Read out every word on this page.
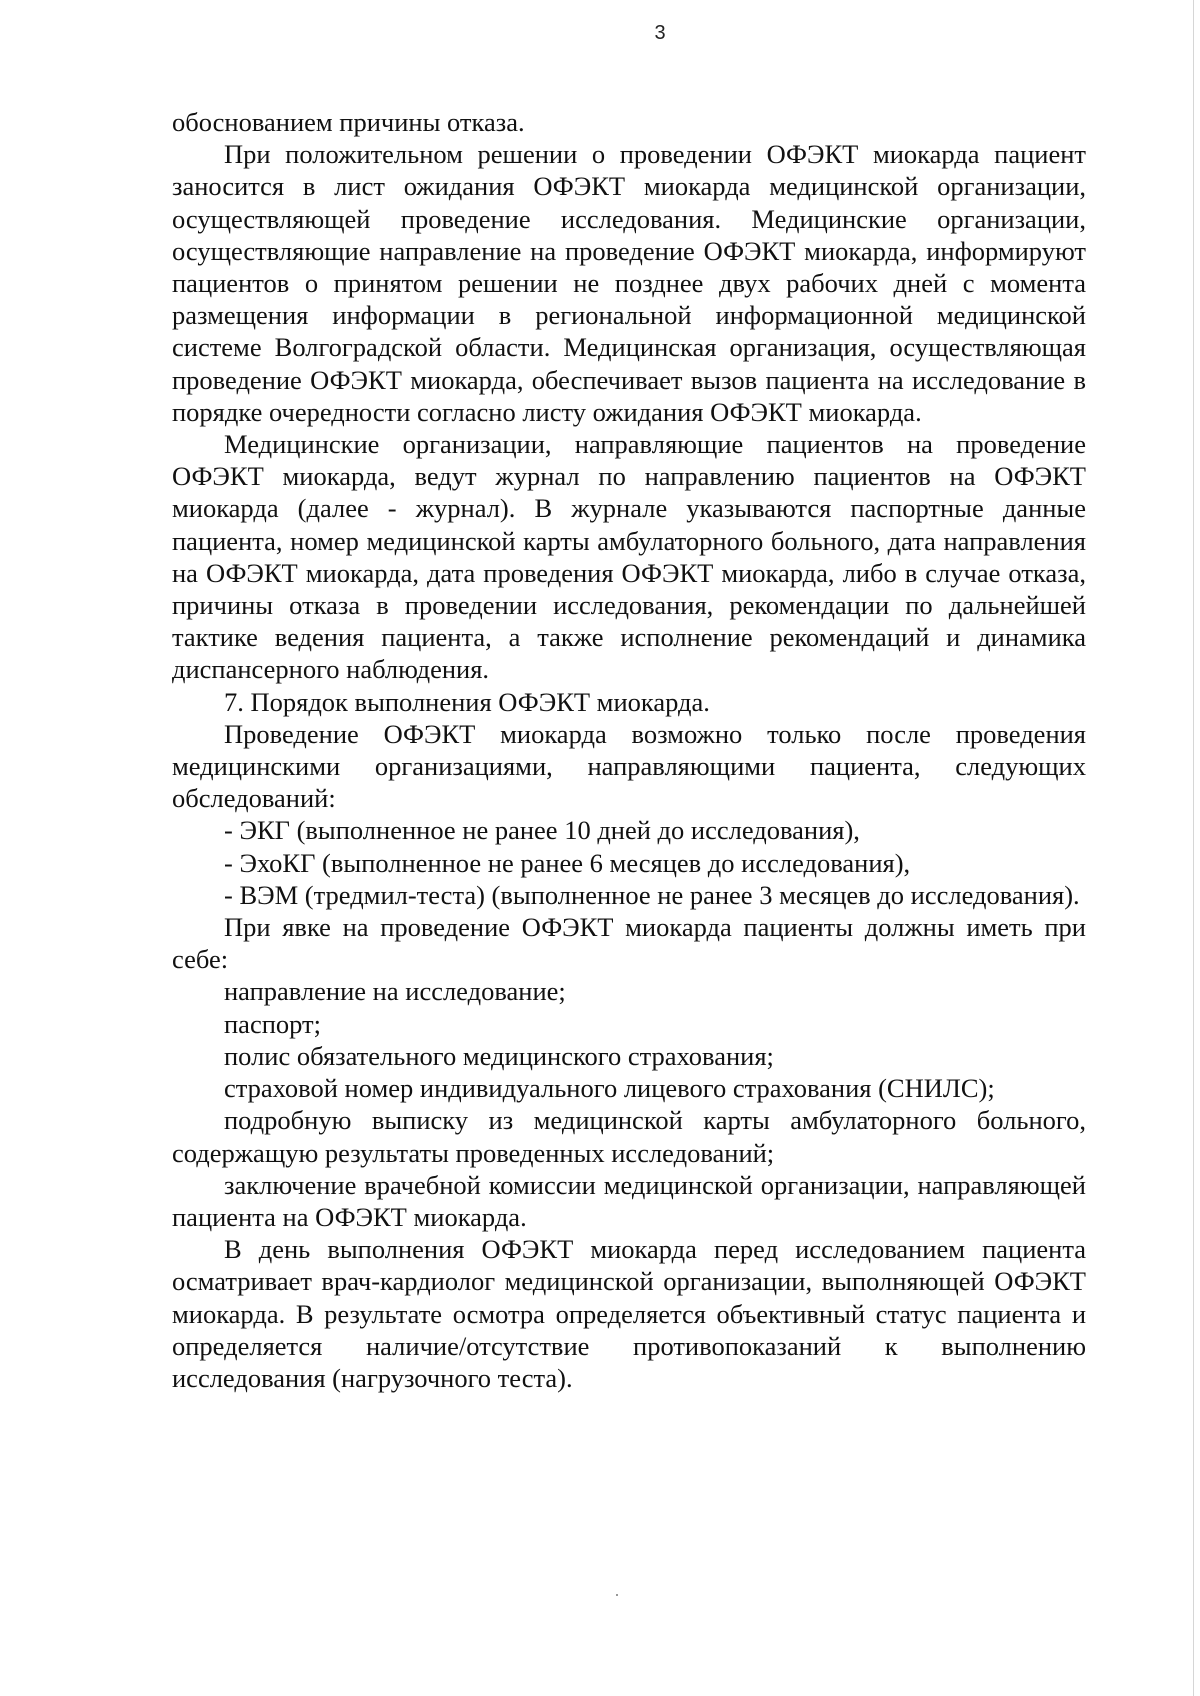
3

обоснованием причины отказа.

При положительном решении о проведении ОФЭКТ миокарда пациент заносится в лист ожидания ОФЭКТ миокарда медицинской организации, осуществляющей проведение исследования. Медицинские организации, осуществляющие направление на проведение ОФЭКТ миокарда, информируют пациентов о принятом решении не позднее двух рабочих дней с момента размещения информации в региональной информационной медицинской системе Волгоградской области. Медицинская организация, осуществляющая проведение ОФЭКТ миокарда, обеспечивает вызов пациента на исследование в порядке очередности согласно листу ожидания ОФЭКТ миокарда.

Медицинские организации, направляющие пациентов на проведение ОФЭКТ миокарда, ведут журнал по направлению пациентов на ОФЭКТ миокарда (далее - журнал). В журнале указываются паспортные данные пациента, номер медицинской карты амбулаторного больного, дата направления на ОФЭКТ миокарда, дата проведения ОФЭКТ миокарда, либо в случае отказа, причины отказа в проведении исследования, рекомендации по дальнейшей тактике ведения пациента, а также исполнение рекомендаций и динамика диспансерного наблюдения.

7. Порядок выполнения ОФЭКТ миокарда.

Проведение ОФЭКТ миокарда возможно только после проведения медицинскими организациями, направляющими пациента, следующих обследований:

- ЭКГ (выполненное не ранее 10 дней до исследования),

- ЭхоКГ (выполненное не ранее 6 месяцев до исследования),

- ВЭМ (тредмил-теста) (выполненное не ранее 3 месяцев до исследования).

При явке на проведение ОФЭКТ миокарда пациенты должны иметь при себе:

направление на исследование;

паспорт;

полис обязательного медицинского страхования;

страховой номер индивидуального лицевого страхования (СНИЛС);

подробную выписку из медицинской карты амбулаторного больного, содержащую результаты проведенных исследований;

заключение врачебной комиссии медицинской организации, направляющей пациента на ОФЭКТ миокарда.

В день выполнения ОФЭКТ миокарда перед исследованием пациента осматривает врач-кардиолог медицинской организации, выполняющей ОФЭКТ миокарда. В результате осмотра определяется объективный статус пациента и определяется наличие/отсутствие противопоказаний к выполнению исследования (нагрузочного теста).
